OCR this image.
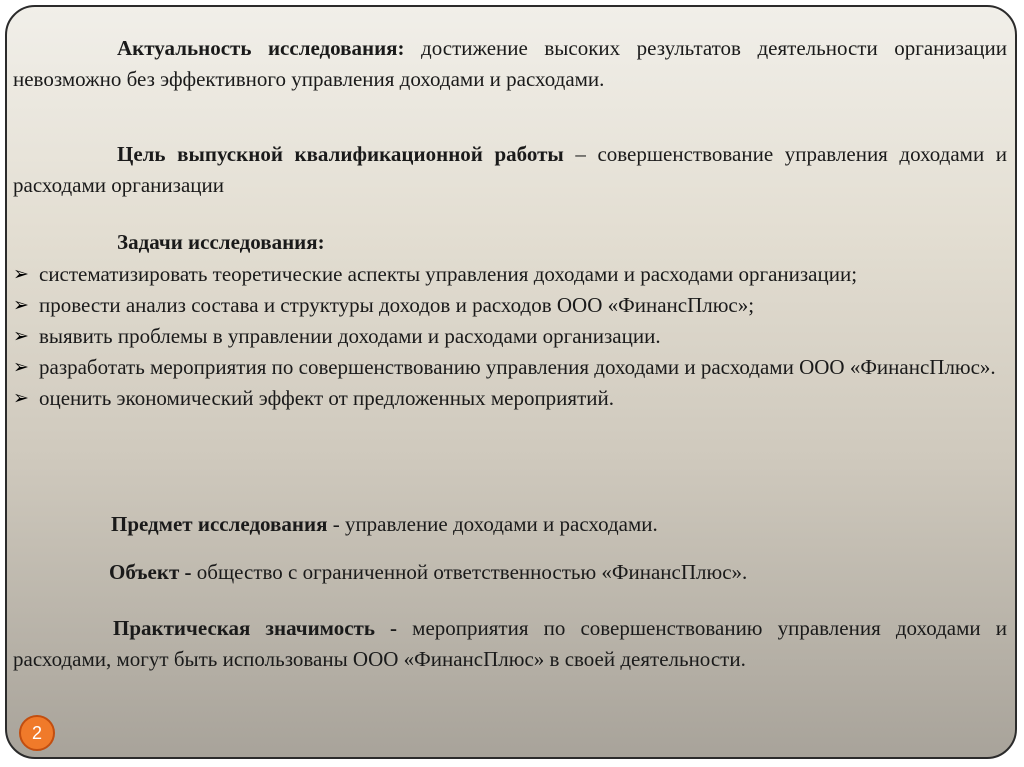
Актуальность исследования: достижение высоких результатов деятельности организации невозможно без эффективного управления доходами и расходами.
Цель выпускной квалификационной работы – совершенствование управления доходами и расходами организации
Задачи исследования:
➢ систематизировать теоретические аспекты управления доходами и расходами организации;
➢ провести анализ состава и структуры доходов и расходов ООО «ФинансПлюс»;
➢ выявить проблемы в управлении доходами и расходами организации.
➢ разработать мероприятия по совершенствованию управления доходами и расходами ООО «ФинансПлюс».
➢ оценить экономический эффект от предложенных мероприятий.
Предмет исследования - управление доходами и расходами.
Объект - общество с ограниченной ответственностью «ФинансПлюс».
Практическая значимость - мероприятия по совершенствованию управления доходами и расходами, могут быть использованы ООО «ФинансПлюс» в своей деятельности.
2
